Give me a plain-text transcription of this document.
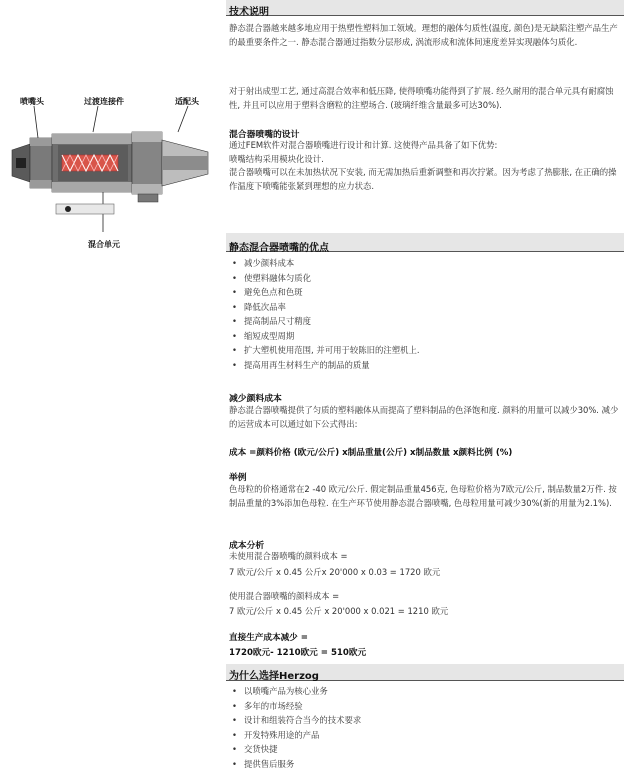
喷嘴头	过渡连接件	适配头
混合单元
技术说明

静态混合器越来越多地应用于热塑性塑料加工领域。理想的融体匀质性(温度, 颜色)是无缺陷注塑产品生产的最重要条件之一. 静态混合器通过指数分层形成, 涡流形成和流体间速度差异实现融体匀质化.

对于射出成型工艺, 通过高混合效率和低压降, 使得喷嘴功能得到了扩展. 经久耐用的混合单元具有耐腐蚀性, 并且可以应用于塑料含磨粒的注塑场合. (玻璃纤维含量最多可达30%).

混合器喷嘴的设计

通过FEM软件对混合器喷嘴进行设计和计算. 这使得产品具备了如下优势:

喷嘴结构采用模块化设计.

混合器喷嘴可以在未加热状况下安装, 而无需加热后重新调整和再次拧紧。因为考虑了热膨胀, 在正确的操作温度下喷嘴能张紧到理想的应力状态.

静态混合器喷嘴的优点
• 减少颜料成本
• 使塑料融体匀质化
• 避免色点和色斑
• 降低次品率
• 提高制品尺寸精度
• 缩短成型周期
• 扩大塑机使用范围, 并可用于较陈旧的注塑机上.
• 提高用再生材料生产的制品的质量
减少颜料成本

静态混合器喷嘴提供了匀质的塑料融体从而提高了塑料制品的色泽饱和度. 颜料的用量可以减少30%. 减少的运营成本可以通过如下公式得出:

成本 =颜料价格 (欧元/公斤) x制品重量(公斤) x制品数量 x颜料比例 (%)
举例

色母粒的价格通常在2 -40 欧元/公斤. 假定制品重量456克, 色母粒价格为7欧元/公斤, 制品数量2万件. 按制品重量的3%添加色母粒. 在生产环节使用静态混合器喷嘴, 色母粒用量可减少30%(新的用量为2.1%).

成本分析
未使用混合器喷嘴的颜料成本 =
7 欧元/公斤 x 0.45 公斤x 20'000 x 0.03 = 1720 欧元
使用混合器喷嘴的颜料成本 =
7 欧元/公斤 x 0.45 公斤 x 20'000 x 0.021 = 1210 欧元
直接生产成本减少 =
1720欧元- 1210欧元 = 510欧元
为什么选择Herzog
• 以喷嘴产品为核心业务
• 多年的市场经验
• 设计和组装符合当今的技术要求
• 开发特殊用途的产品
• 交货快捷
• 提供售后服务
